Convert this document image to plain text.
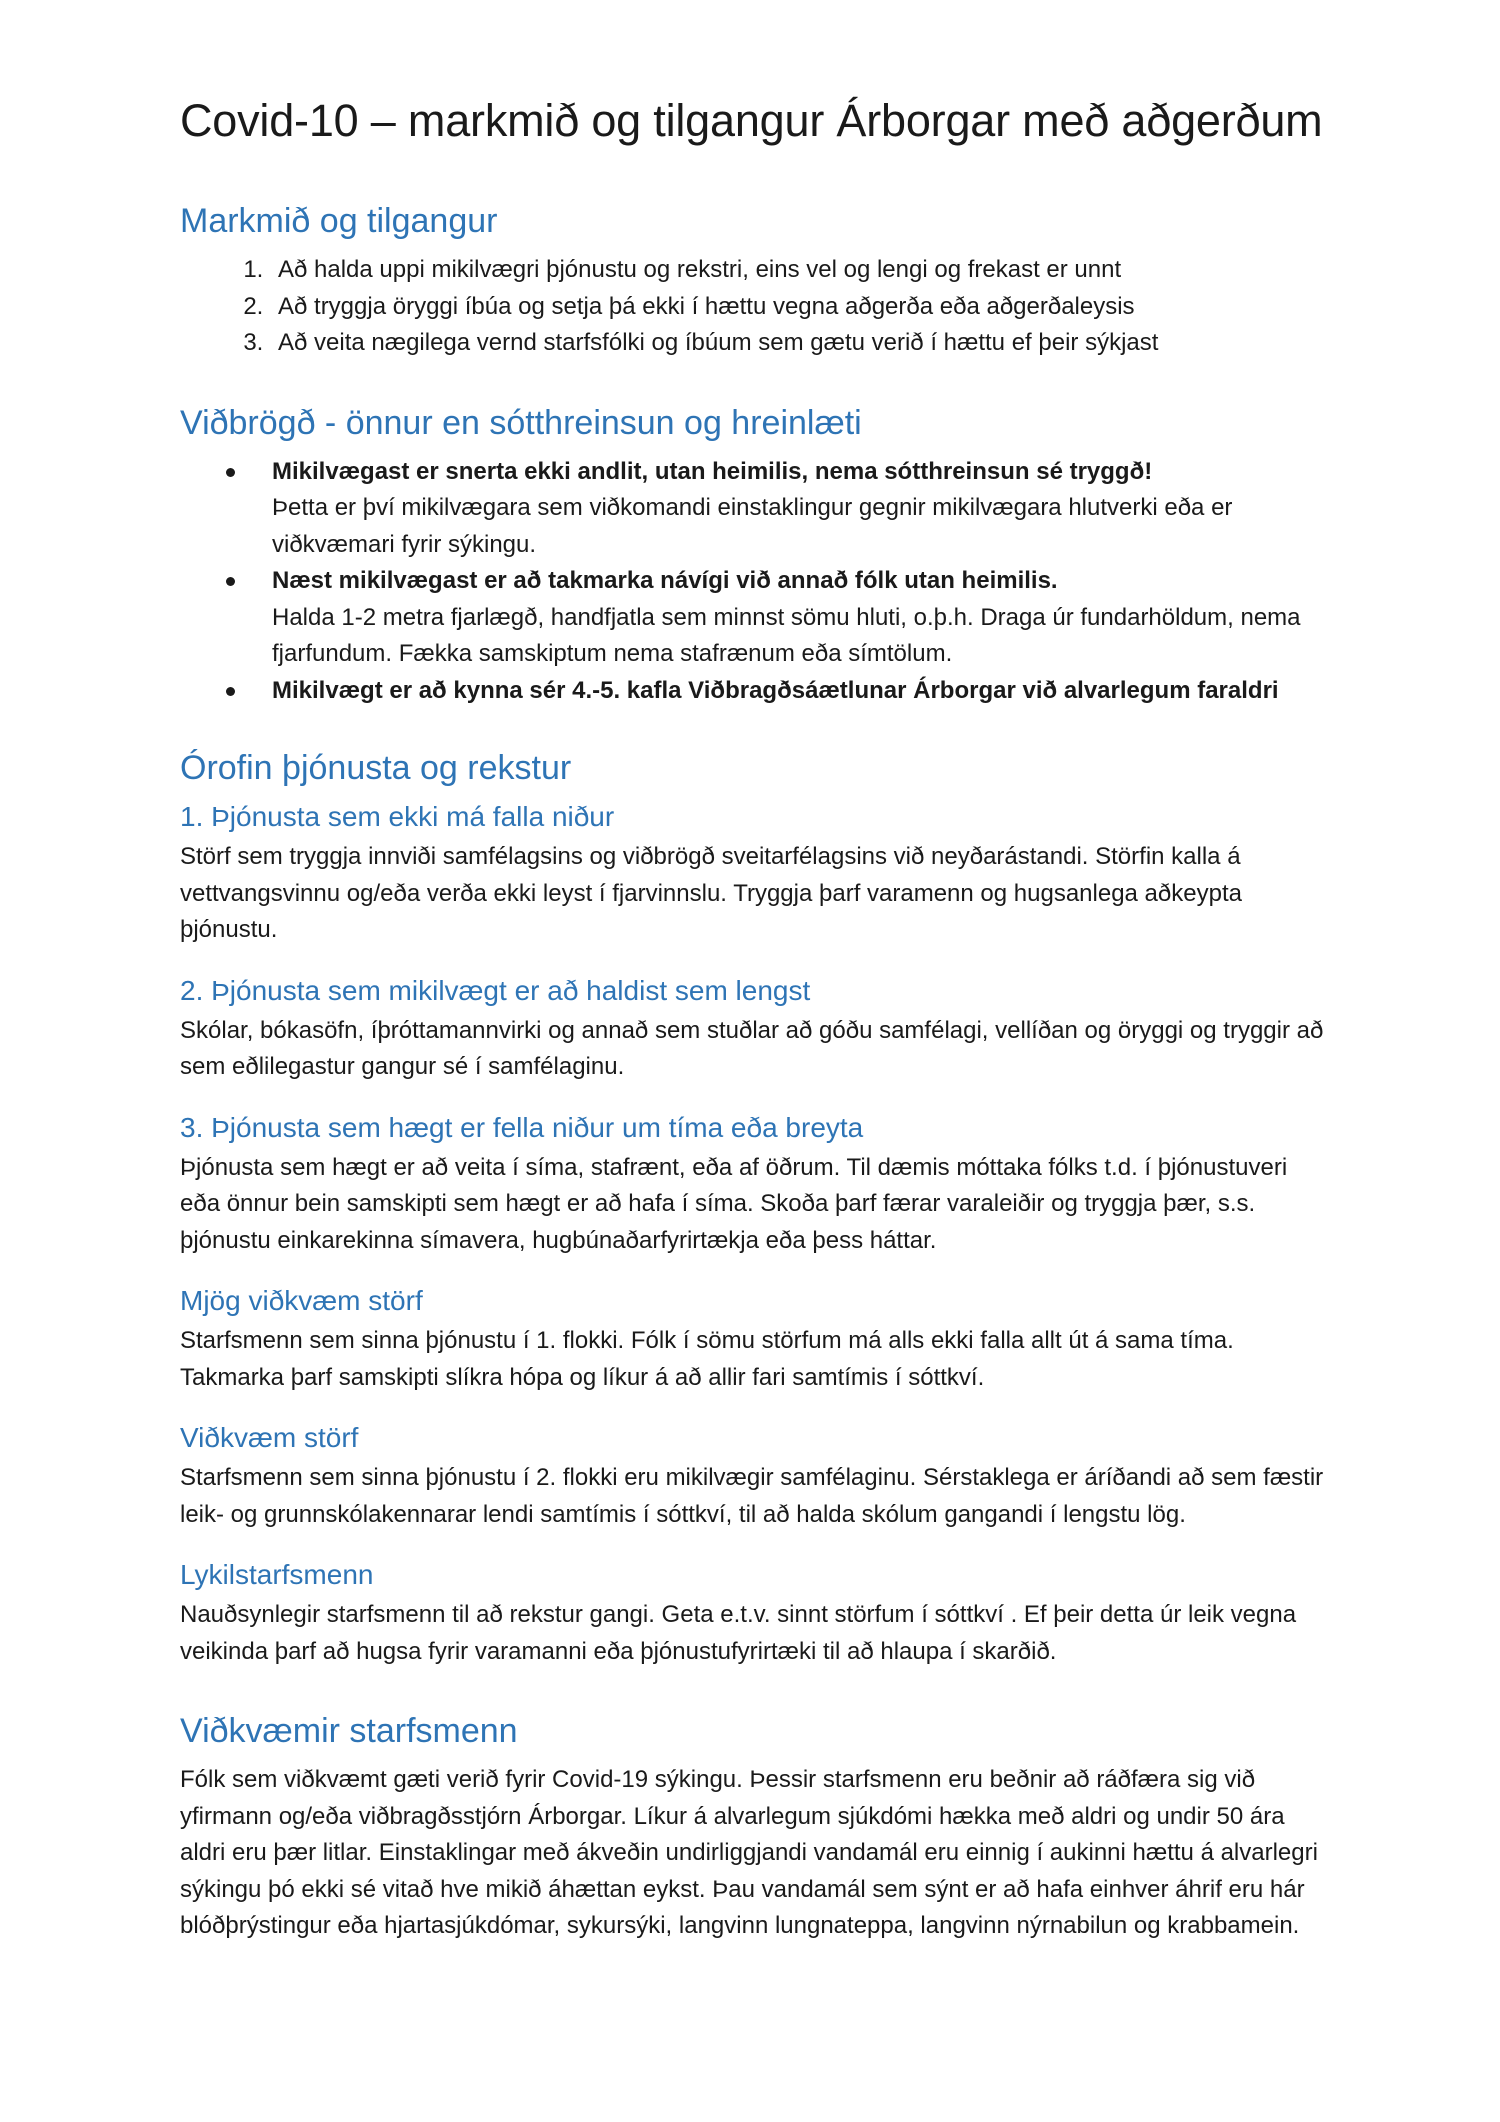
Covid-10 – markmið og tilgangur Árborgar með aðgerðum
Markmið og tilgangur
1. Að halda uppi mikilvægri þjónustu og rekstri, eins vel og lengi og frekast er unnt
2. Að tryggja öryggi íbúa og setja þá ekki í hættu vegna aðgerða eða aðgerðaleysis
3. Að veita nægilega vernd starfsfólki og íbúum sem gætu verið í hættu ef þeir sýkjast
Viðbrögð - önnur en sótthreinsun og hreinlæti
Mikilvægast er snerta ekki andlit, utan heimilis, nema sótthreinsun sé tryggð!
Þetta er því mikilvægara sem viðkomandi einstaklingur gegnir mikilvægara hlutverki eða er viðkvæmari fyrir sýkingu.
Næst mikilvægast er að takmarka návígi við annað fólk utan heimilis.
Halda 1-2 metra fjarlægð, handfjatla sem minnst sömu hluti, o.þ.h. Draga úr fundarhöldum, nema fjarfundum. Fækka samskiptum nema stafrænum eða símtölum.
Mikilvægt er að kynna sér 4.-5. kafla Viðbragðsáætlunar Árborgar við alvarlegum faraldri
Órofin þjónusta og rekstur
1. Þjónusta sem ekki má falla niður

Störf sem tryggja innviði samfélagsins og viðbrögð sveitarfélagsins við neyðarástandi. Störfin kalla á vettvangsvinnu og/eða verða ekki leyst í fjarvinnslu. Tryggja þarf varamenn og hugsanlega aðkeypta þjónustu.

2. Þjónusta sem mikilvægt er að haldist sem lengst

Skólar, bókasöfn, íþróttamannvirki og annað sem stuðlar að góðu samfélagi, vellíðan og öryggi og tryggir að sem eðlilegastur gangur sé í samfélaginu.

3. Þjónusta sem hægt er fella niður um tíma eða breyta

Þjónusta sem hægt er að veita í síma, stafrænt, eða af öðrum. Til dæmis móttaka fólks t.d. í þjónustuveri eða önnur bein samskipti sem hægt er að hafa í síma. Skoða þarf færar varaleiðir og tryggja þær, s.s. þjónustu einkarekinna símavera, hugbúnaðarfyrirtækja eða þess háttar.

Mjög viðkvæm störf

Starfsmenn sem sinna þjónustu í 1. flokki. Fólk í sömu störfum má alls ekki falla allt út á sama tíma. Takmarka þarf samskipti slíkra hópa og líkur á að allir fari samtímis í sóttkví.

Viðkvæm störf

Starfsmenn sem sinna þjónustu í 2. flokki eru mikilvægir samfélaginu. Sérstaklega er áríðandi að sem fæstir leik- og grunnskólakennarar lendi samtímis í sóttkví, til að halda skólum gangandi í lengstu lög.

Lykilstarfsmenn

Nauðsynlegir starfsmenn til að rekstur gangi. Geta e.t.v. sinnt störfum í sóttkví . Ef þeir detta úr leik vegna veikinda þarf að hugsa fyrir varamanni eða þjónustufyrirtæki til að hlaupa í skarðið.

Viðkvæmir starfsmenn

Fólk sem viðkvæmt gæti verið fyrir Covid-19 sýkingu. Þessir starfsmenn eru beðnir að ráðfæra sig við yfirmann og/eða viðbragðsstjórn Árborgar. Líkur á alvarlegum sjúkdómi hækka með aldri og undir 50 ára aldri eru þær litlar. Einstaklingar með ákveðin undirliggjandi vandamál eru einnig í aukinni hættu á alvarlegri sýkingu þó ekki sé vitað hve mikið áhættan eykst. Þau vandamál sem sýnt er að hafa einhver áhrif eru hár blóðþrýstingur eða hjartasjúkdómar, sykursýki, langvinn lungnateppa, langvinn nýrnabilun og krabbamein.
